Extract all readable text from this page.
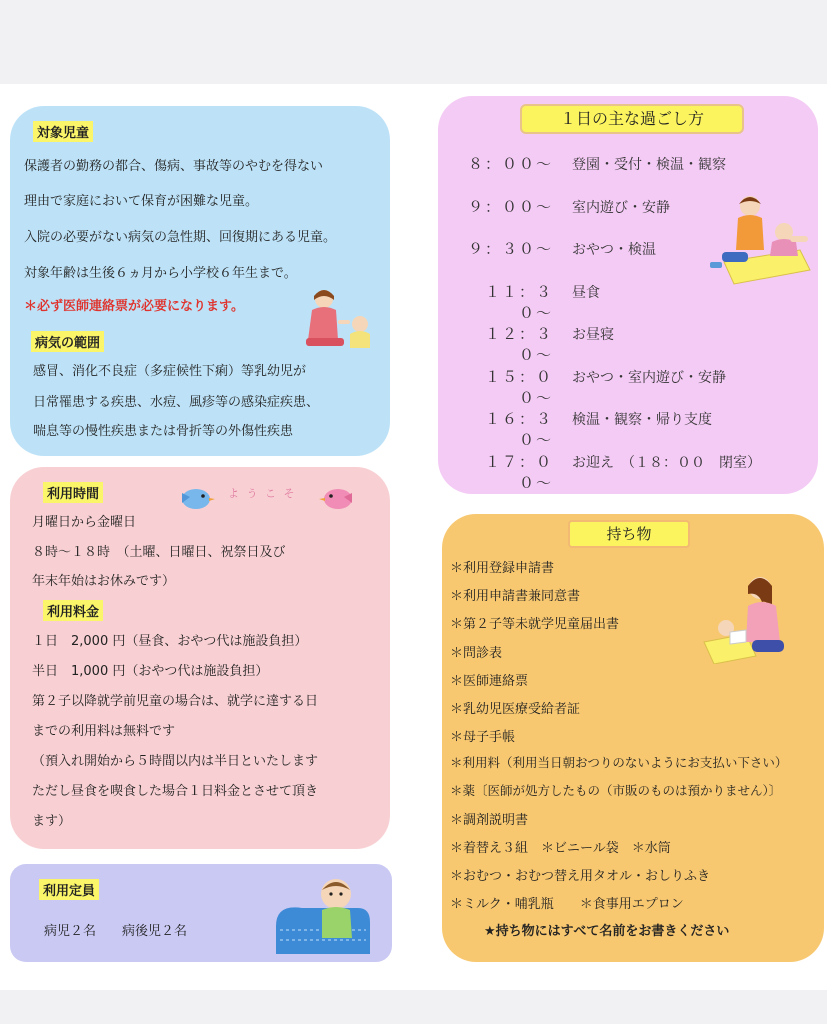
対象児童
保護者の勤務の都合、傷病、事故等のやむを得ない
理由で家庭において保育が困難な児童。
入院の必要がない病気の急性期、回復期にある児童。
対象年齢は生後６ヵ月から小学校６年生まで。
＊必ず医師連絡票が必要になります。
病気の範囲
感冒、消化不良症（多症候性下痢）等乳幼児が
日常罹患する疾患、水痘、風疹等の感染症疾患、
喘息等の慢性疾患または骨折等の外傷性疾患
利用時間	よ う こ そ
月曜日から金曜日
８時〜１８時　（土曜、日曜日、祝祭日及び
年末年始はお休みです）
利用料金
１日　2,000 円（昼食、おやつ代は施設負担）
半日　1,000 円（おやつ代は施設負担）
第２子以降就学前児童の場合は、就学に達する日
までの利用料は無料です
（預入れ開始から５時間以内は半日といたします
ただし昼食を喫食した場合１日料金とさせて頂き
ます）
利用定員
病児２名　　病後児２名
１日の主な過ごし方
８：００〜 登園・受付・検温・観察
９：００〜 室内遊び・安静
９：３０〜 おやつ・検温
１１：３０〜
昼食
１２：３０〜
お昼寝
１５：００〜
おやつ・室内遊び・安静
１６：３０〜
検温・観察・帰り支度
１７：００〜
お迎え　（１８：００　閉室）
持ち物
＊利用登録申請書
＊利用申請書兼同意書
＊第２子等未就学児童届出書
＊問診表
＊医師連絡票
＊乳幼児医療受給者証
＊母子手帳
＊利用料（利用当日朝おつりのないようにお支払い下さい）
＊薬〔医師が処方したもの（市販のものは預かりません）〕
＊調剤説明書
＊着替え３組　＊ビニール袋　＊水筒
＊おむつ・おむつ替え用タオル・おしりふき
＊ミルク・哺乳瓶　　＊食事用エプロン
★持ち物にはすべて名前をお書きください
